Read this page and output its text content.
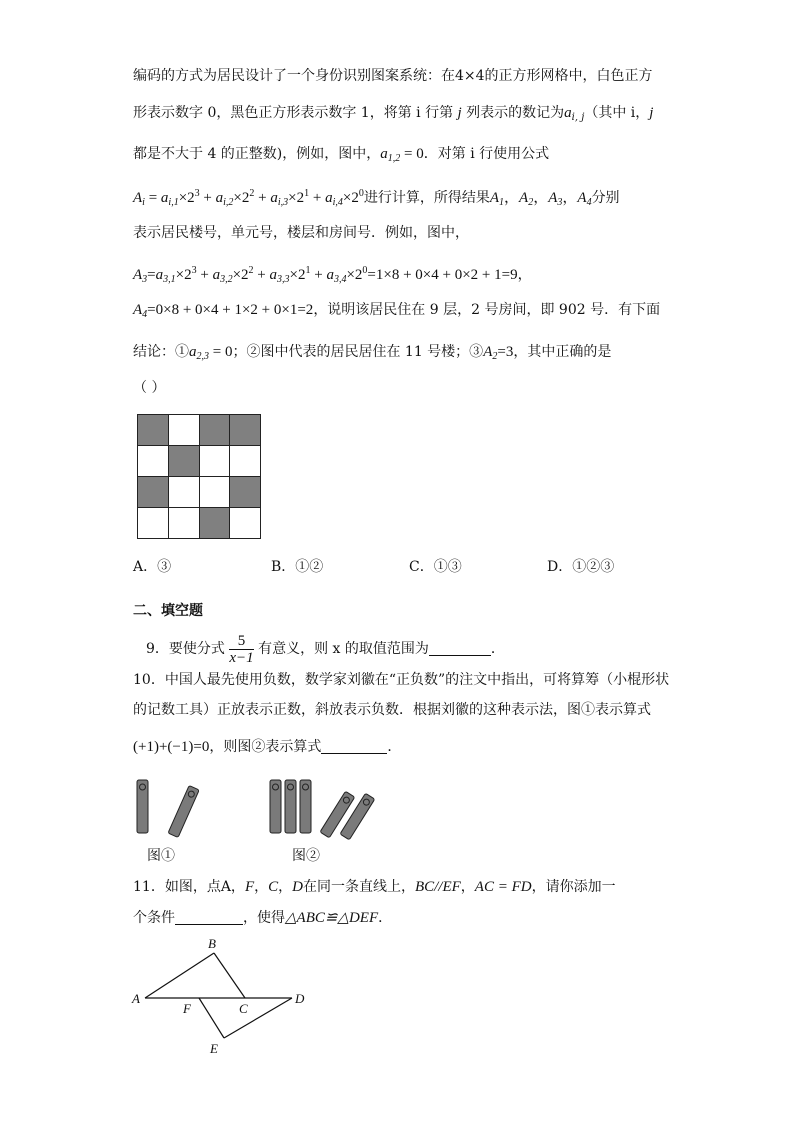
编码的方式为居民设计了一个身份识别图案系统：在4×4的正方形网格中，白色正方
形表示数字 0，黑色正方形表示数字 1，将第 i 行第 j 列表示的数记为$a_{i, j}$（其中 i，j
都是不大于 4 的正整数)，例如，图中，$a_{1,2} = 0$．对第 i 行使用公式
$A_i = a_{i,1}\times 2^3 + a_{i,2}\times 2^2 + a_{i,3}\times 2^1 + a_{i,4}\times 2^0$进行计算，所得结果$A_1$，$A_2$，$A_3$，$A_4$分别
表示居民楼号，单元号，楼层和房间号．例如，图中，
$A_3=a_{3,1}\times 2^3 + a_{3,2}\times 2^2 + a_{3,3}\times 2^1 + a_{3,4}\times 2^0=1\times 8 + 0\times 4 + 0\times 2 + 1=9$，
$A_4=0\times 8 + 0\times 4 + 1\times 2 + 0\times 1=2$，说明该居民住在 9 层，2 号房间，即 902 号．有下面
结论：$①a_{2,3} = 0$；②图中代表的居民居住在 11 号楼；$③A_2=3$，其中正确的是
（ ）

A．③	B．①②	C．①③	D．①②③
二、填空题
9．要使分式 $\frac{5}{x-1}$ 有意义，则 x 的取值范围为	．
10．中国人最先使用负数，数学家刘徽在“正负数”的注文中指出，可将算筹（小棍形状
的记数工具）正放表示正数，斜放表示负数．根据刘徽的这种表示法，图①表示算式
(+1)+(−1)=0，则图②表示算式	．
图①	图②
11．如图，点A，F，C，D在同一条直线上，BC//EF，AC = FD，请你添加一
个条件	，使得△ABC≌△DEF．
B
A
F	C
D
E
